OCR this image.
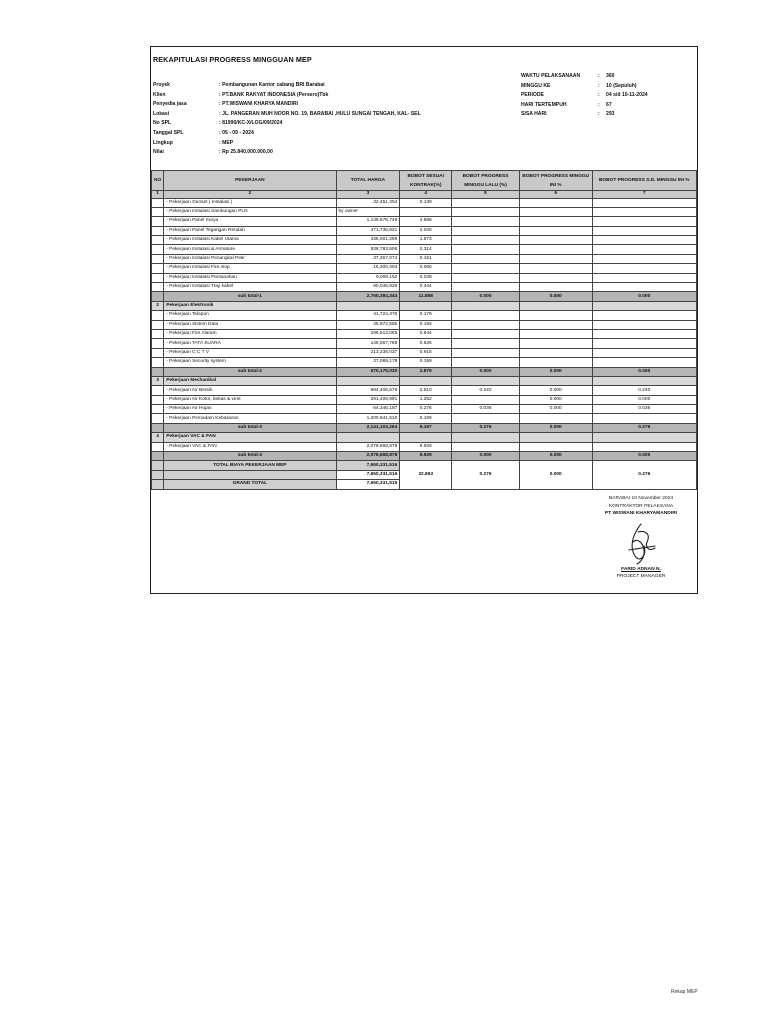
REKAPITULASI PROGRESS MINGGUAN MEP
Proyek	: Pembangunan Kantor cabang BRI Barabai
Klien	: PT.BANK RAKYAT INDONESIA (Persero)Tbk
Penyedia jasa	: PT.WISWANI KHARYA MANDIRI
Lokasi	: JL. PANGERAN MUH NOOR NO. 19, BARABAI ,HULU SUNGAI TENGAH, KAL- SEL
No SPL	: 81990/KC-X/LOG/09/2024
Tanggal SPL	: 05 - 09 - 2024
Lingkup	: MEP
Nilai	: Rp 25.840.000.000,00
WAKTU PELAKSANAAN	:	360
MINGGU KE	:	10 (Sepuluh)
PERIODE	:	04 s/d 10-11-2024
HARI TERTEMPUH	:	67
SISA HARI	:	293
NO	PEKERJAAN	TOTAL HARGA	BOBOT SESUAI KONTRAK(%)	BOBOT PROGRESS MINGGU LALU (%)	BOBOT PROGRESS MINGGU INI %	BOBOT PROGRESS S.D. MINGGU INI %
1	2	3	4	5	6	7
	- Pekerjaan Genset ( Instalasi )	32,451,354	0.139			
	- Pekerjaan Instalasi Sambungan PLN	by owner				
	- Pekerjaan Panel Surya	1,139,678,748	4.896			
	- Pekerjaan Panel Tegangan Rendah	471,736,831	2.026			
	- Pekerjaan Instalasi Kabel Utama	436,001,299	1.873			
	- Pekerjaan Instalasi & Armature	538,793,606	2.314			
	- Pekerjaan Instalasi Penangkal Petir	37,367,074	0.161			
	- Pekerjaan Instalasi Fire stop	15,300,353	0.066			
	- Pekerjaan Instalasi Pentanahan	9,009,152	0.039			
	- Pekerjaan Instalasi Tray kabel	80,045,926	0.344			
	sub total-1	2,760,384,344	11.858	0.000	0.000	0.000
2	Pekerjaan Elektronik					
	- Pekerjaan Telepon	41,724,376	0.179			
	- Pekerjaan Sistem Data	35,972,586	0.155			
	- Pekerjaan Fire Alaram	196,513,065	0.844			
	- Pekerjaan TATA SUARA	145,657,788	0.626			
	- Pekerjaan C C T V	213,238,037	0.916			
	- Pekerjaan Security system	37,069,178	0.159			
	sub total-2	670,175,030	2.879	0.000	0.000	0.000
3	Pekerjaan Mechanikal					
	- Pekerjaan Air Bersih	584,406,576	2.510	0.240	0.000	0.240
	- Pekerjaan Air Kotor, bekas & vent	291,408,991	1.252		0.000	0.000
	- Pekerjaan Air Hujan	64,346,187	0.276	0.036	0.000	0.036
	- Pekerjaan Pemadam Kebakaran	1,200,941,510	5.159			
	sub total-3	2,141,103,264	9.197	0.276	0.000	0.276
4	Pekerjaan VAC & FAN					
	- Pekerjaan VAC & FAN	2,078,668,878	8.929			
	sub total-4	2,078,668,878	8.929	0.000	0.000	0.000
	TOTAL BIAYA PEKERJAAN MEP	7,650,331,516	32.863	0.276	0.000	0.276
		7,650,331,516				
	GRAND TOTAL	7,650,331,516				
BARABAI 10 November 2024
KONTRAKTOR PELAKSANA
PT WISWANI KHARYAMANDIRI
FARID ADNAN N.
PROJECT MANAGER
Rekap MEP
